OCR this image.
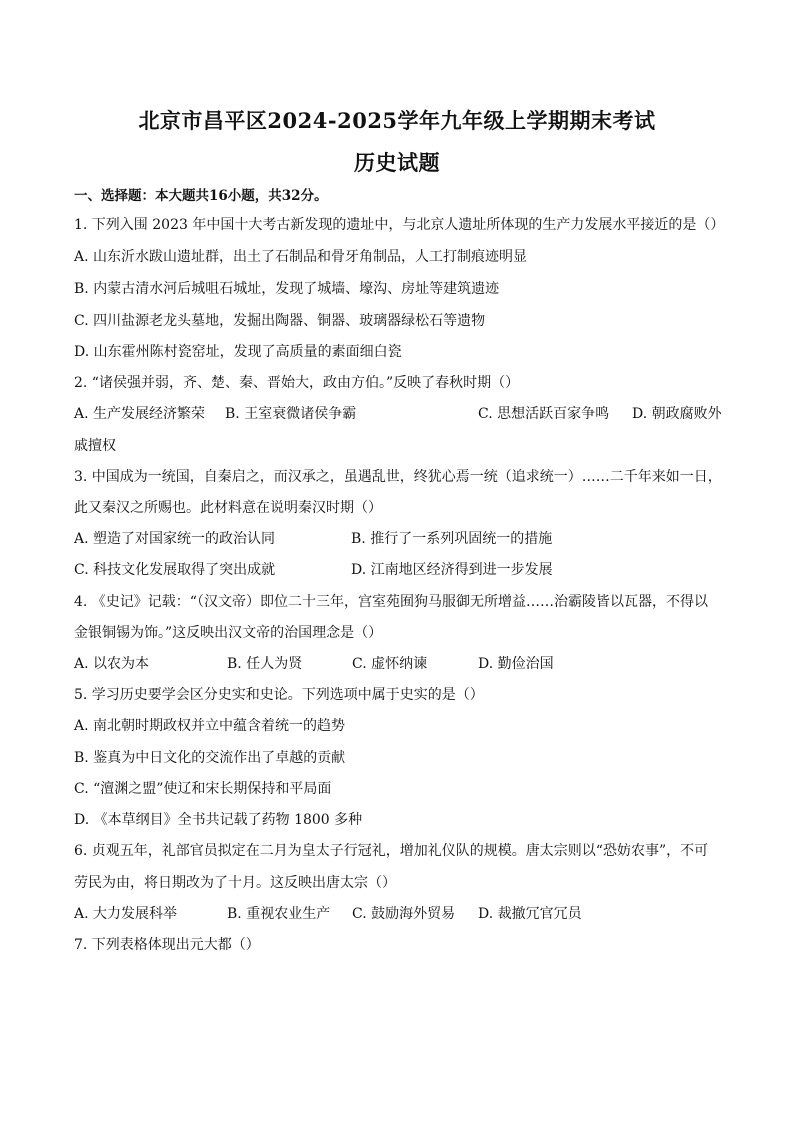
北京市昌平区2024-2025学年九年级上学期期末考试
历史试题
一、选择题：本大题共16小题，共32分。
1. 下列入围 2023 年中国十大考古新发现的遗址中，与北京人遗址所体现的生产力发展水平接近的是（）
A. 山东沂水跋山遗址群，出土了石制品和骨牙角制品，人工打制痕迹明显
B. 内蒙古清水河后城咀石城址，发现了城墙、壕沟、房址等建筑遗迹
C. 四川盐源老龙头墓地，发掘出陶器、铜器、玻璃器绿松石等遗物
D. 山东霍州陈村瓷窑址，发现了高质量的素面细白瓷
2. “诸侯强并弱，齐、楚、秦、晋始大，政由方伯。”反映了春秋时期（）
A. 生产发展经济繁荣 B. 王室衰微诸侯争霸	C. 思想活跃百家争鸣 D. 朝政腐败外
戚擅权
3. 中国成为一统国，自秦启之，而汉承之，虽遇乱世，终犹心焉一统（追求统一）……二千年来如一日，
此又秦汉之所赐也。此材料意在说明秦汉时期（）
A. 塑造了对国家统一的政治认同	B. 推行了一系列巩固统一的措施
C. 科技文化发展取得了突出成就	D. 江南地区经济得到进一步发展
4. 《史记》记载：“（汉文帝）即位二十三年，宫室苑囿狗马服御无所增益……治霸陵皆以瓦器，不得以
金银铜锡为饰。”这反映出汉文帝的治国理念是（）
A. 以农为本	B. 任人为贤	C. 虚怀纳谏	D. 勤俭治国
5. 学习历史要学会区分史实和史论。下列选项中属于史实的是（）
A. 南北朝时期政权并立中蕴含着统一的趋势
B. 鉴真为中日文化的交流作出了卓越的贡献
C. “澶渊之盟”使辽和宋长期保持和平局面
D. 《本草纲目》全书共记载了药物 1800 多种
6. 贞观五年，礼部官员拟定在二月为皇太子行冠礼，增加礼仪队的规模。唐太宗则以“恐妨农事”，不可
劳民为由，将日期改为了十月。这反映出唐太宗（）
A. 大力发展科举	B. 重视农业生产 C. 鼓励海外贸易 D. 裁撤冗官冗员
7. 下列表格体现出元大都（）
